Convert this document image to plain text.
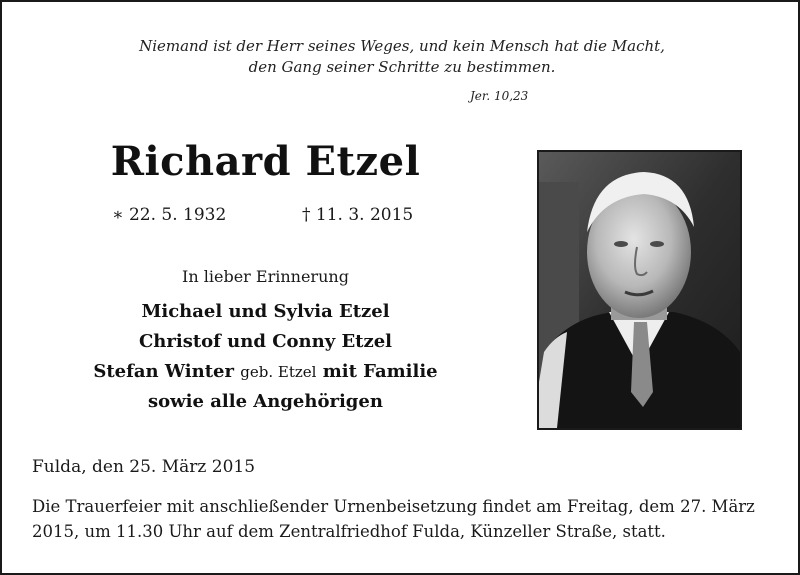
Niemand ist der Herr seines Weges, und kein Mensch hat die Macht,
den Gang seiner Schritte zu bestimmen.
Jer. 10,23
Richard Etzel
∗ 22. 5. 1932	† 11. 3. 2015
In lieber Erinnerung
Michael und Sylvia Etzel
Christof und Conny Etzel
Stefan Winter geb. Etzel mit Familie
sowie alle Angehörigen
Fulda, den 25. März 2015
Die Trauerfeier mit anschließender Urnenbeisetzung findet am Freitag, dem 27. März 2015, um 11.30 Uhr auf dem Zentralfriedhof Fulda, Künzeller Straße, statt.
